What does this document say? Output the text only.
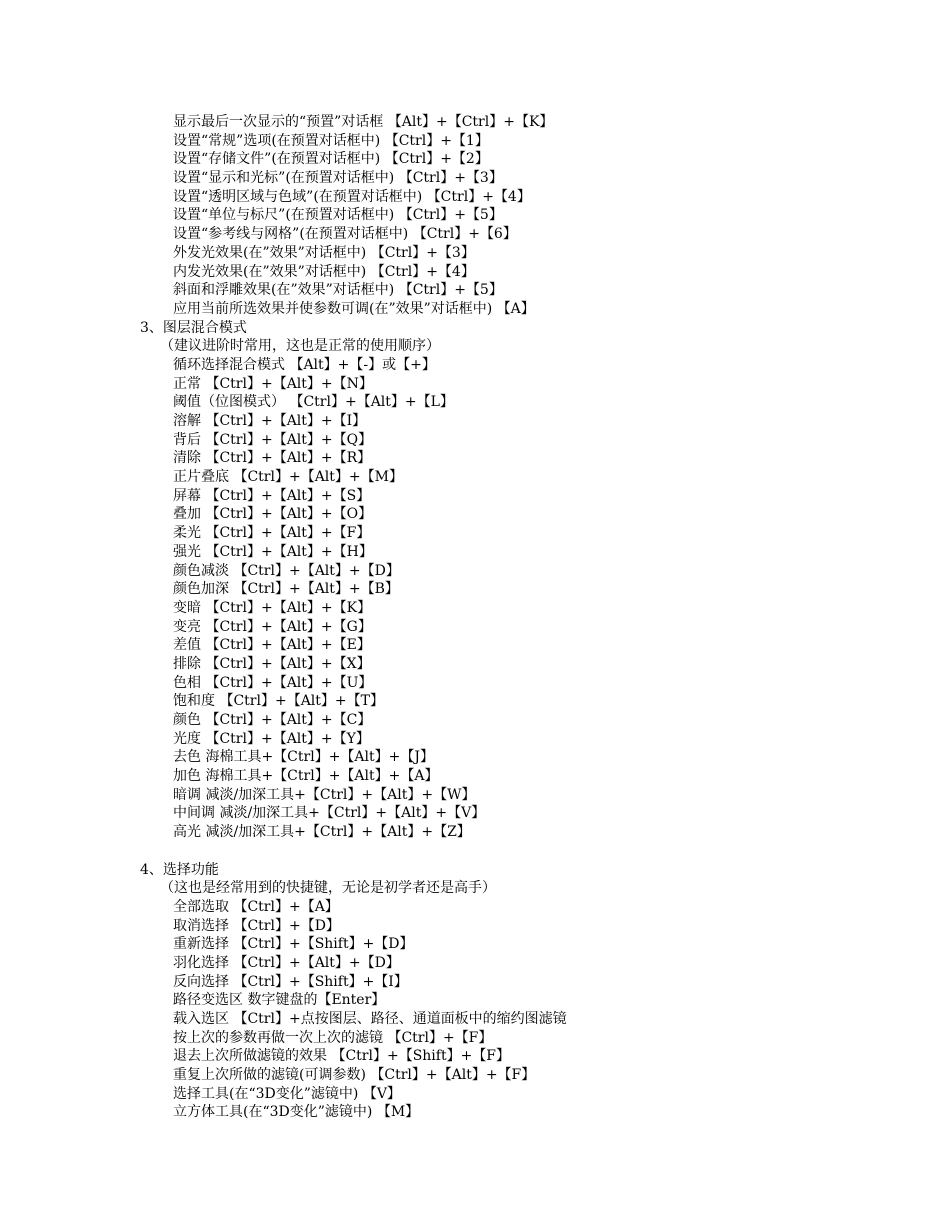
显示最后一次显示的“预置”对话框 【Alt】+【Ctrl】+【K】
设置“常规”选项(在预置对话框中) 【Ctrl】+【1】
设置“存储文件”(在预置对话框中) 【Ctrl】+【2】
设置“显示和光标”(在预置对话框中) 【Ctrl】+【3】
设置“透明区域与色域”(在预置对话框中) 【Ctrl】+【4】
设置“单位与标尺”(在预置对话框中) 【Ctrl】+【5】
设置“参考线与网格”(在预置对话框中) 【Ctrl】+【6】
外发光效果(在”效果”对话框中) 【Ctrl】+【3】
内发光效果(在”效果”对话框中) 【Ctrl】+【4】
斜面和浮雕效果(在”效果”对话框中) 【Ctrl】+【5】
应用当前所选效果并使参数可调(在”效果”对话框中) 【A】
3、图层混合模式
（建议进阶时常用，这也是正常的使用顺序）
循环选择混合模式 【Alt】+【-】或【+】
正常 【Ctrl】+【Alt】+【N】
阈值（位图模式） 【Ctrl】+【Alt】+【L】
溶解 【Ctrl】+【Alt】+【I】
背后 【Ctrl】+【Alt】+【Q】
清除 【Ctrl】+【Alt】+【R】
正片叠底 【Ctrl】+【Alt】+【M】
屏幕 【Ctrl】+【Alt】+【S】
叠加 【Ctrl】+【Alt】+【O】
柔光 【Ctrl】+【Alt】+【F】
强光 【Ctrl】+【Alt】+【H】
颜色减淡 【Ctrl】+【Alt】+【D】
颜色加深 【Ctrl】+【Alt】+【B】
变暗 【Ctrl】+【Alt】+【K】
变亮 【Ctrl】+【Alt】+【G】
差值 【Ctrl】+【Alt】+【E】
排除 【Ctrl】+【Alt】+【X】
色相 【Ctrl】+【Alt】+【U】
饱和度 【Ctrl】+【Alt】+【T】
颜色 【Ctrl】+【Alt】+【C】
光度 【Ctrl】+【Alt】+【Y】
去色 海棉工具+【Ctrl】+【Alt】+【J】
加色 海棉工具+【Ctrl】+【Alt】+【A】
暗调 减淡/加深工具+【Ctrl】+【Alt】+【W】
中间调 减淡/加深工具+【Ctrl】+【Alt】+【V】
高光 减淡/加深工具+【Ctrl】+【Alt】+【Z】
4、选择功能
（这也是经常用到的快捷键，无论是初学者还是高手）
全部选取 【Ctrl】+【A】
取消选择 【Ctrl】+【D】
重新选择 【Ctrl】+【Shift】+【D】
羽化选择 【Ctrl】+【Alt】+【D】
反向选择 【Ctrl】+【Shift】+【I】
路径变选区 数字键盘的【Enter】
载入选区 【Ctrl】+点按图层、路径、通道面板中的缩约图滤镜
按上次的参数再做一次上次的滤镜 【Ctrl】+【F】
退去上次所做滤镜的效果 【Ctrl】+【Shift】+【F】
重复上次所做的滤镜(可调参数) 【Ctrl】+【Alt】+【F】
选择工具(在“3D变化”滤镜中) 【V】
立方体工具(在“3D变化”滤镜中) 【M】
